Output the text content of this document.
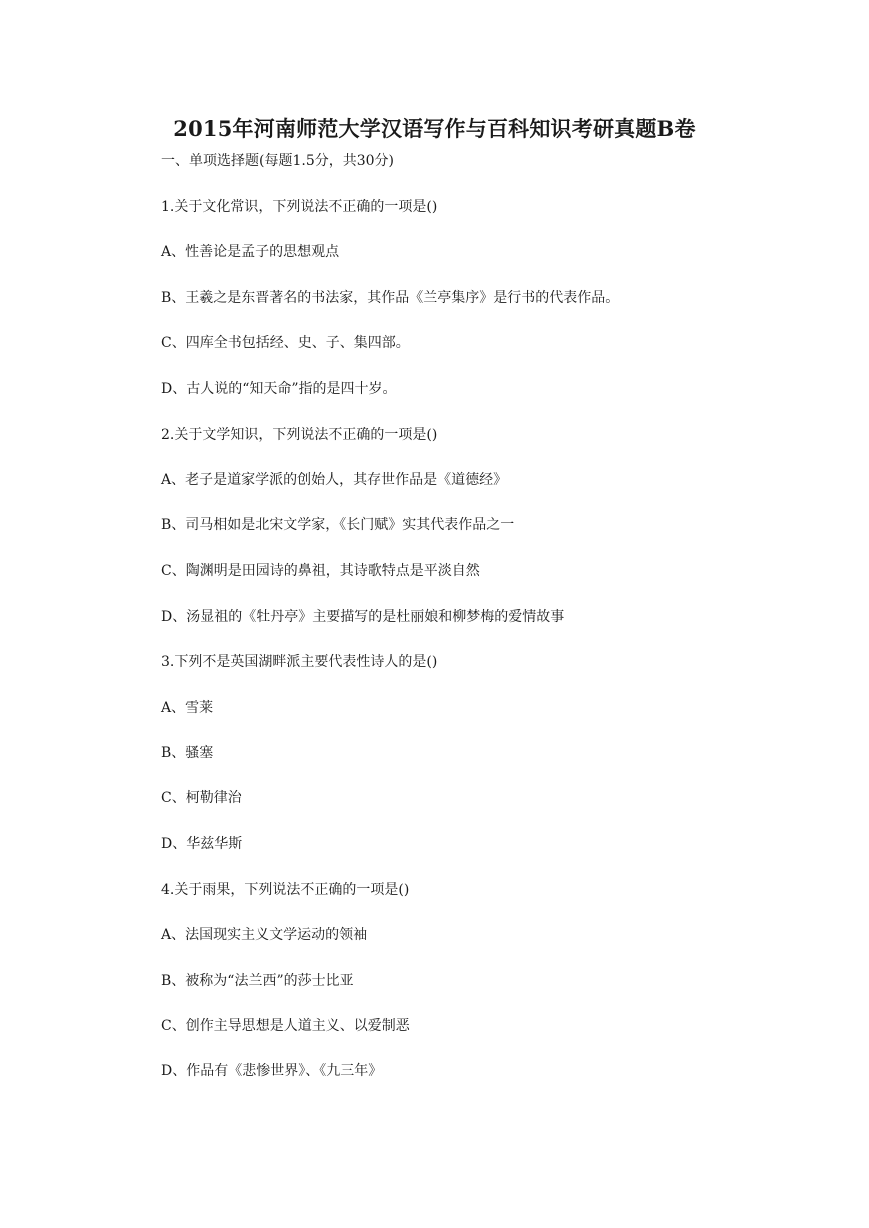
2015年河南师范大学汉语写作与百科知识考研真题B卷
一、单项选择题(每题1.5分，共30分)
1.关于文化常识，下列说法不正确的一项是()
A、性善论是孟子的思想观点
B、王羲之是东晋著名的书法家，其作品《兰亭集序》是行书的代表作品。
C、四库全书包括经、史、子、集四部。
D、古人说的“知天命”指的是四十岁。
2.关于文学知识，下列说法不正确的一项是()
A、老子是道家学派的创始人，其存世作品是《道德经》
B、司马相如是北宋文学家，《长门赋》实其代表作品之一
C、陶渊明是田园诗的鼻祖，其诗歌特点是平淡自然
D、汤显祖的《牡丹亭》主要描写的是杜丽娘和柳梦梅的爱情故事
3.下列不是英国湖畔派主要代表性诗人的是()
A、雪莱
B、骚塞
C、柯勒律治
D、华兹华斯
4.关于雨果，下列说法不正确的一项是()
A、法国现实主义文学运动的领袖
B、被称为“法兰西”的莎士比亚
C、创作主导思想是人道主义、以爱制恶
D、作品有《悲惨世界》、《九三年》
